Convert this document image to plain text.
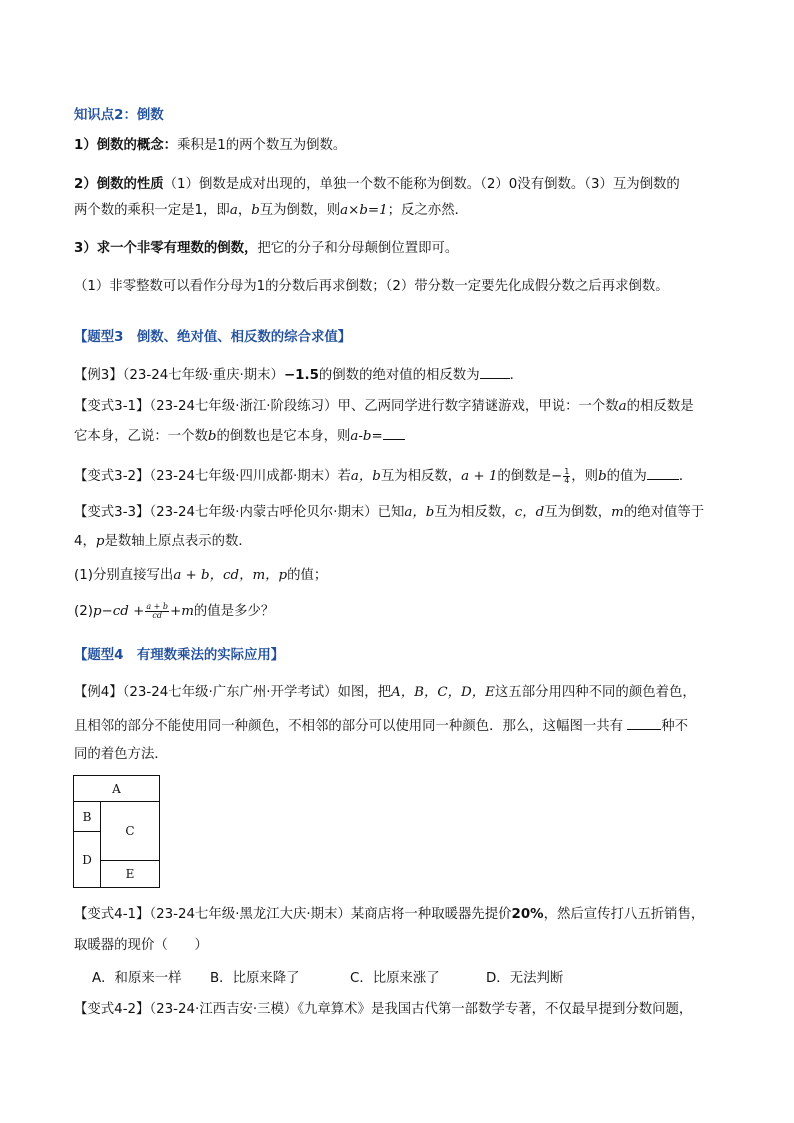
知识点2：倒数
1）倒数的概念：乘积是1的两个数互为倒数。
2）倒数的性质（1）倒数是成对出现的，单独一个数不能称为倒数。（2）0没有倒数。（3）互为倒数的
两个数的乘积一定是1，即a，b互为倒数，则a×b=1；反之亦然．
3）求一个非零有理数的倒数，把它的分子和分母颠倒位置即可。
（1）非零整数可以看作分母为1的分数后再求倒数；（2）带分数一定要先化成假分数之后再求倒数。
【题型3　倒数、绝对值、相反数的综合求值】
【例3】（23-24七年级·重庆·期末）−1.5的倒数的绝对值的相反数为 ．
【变式3-1】（23-24七年级·浙江·阶段练习）甲、乙两同学进行数字猜谜游戏，甲说：一个数a的相反数是
它本身，乙说：一个数b的倒数也是它本身，则a-b=
【变式3-2】（23-24七年级·四川成都·期末）若a，b互为相反数，a + 1的倒数是− $\frac{1}{4}$ ，则b的值为 ．
【变式3-3】（23-24七年级·内蒙古呼伦贝尔·期末）已知a，b互为相反数，c，d互为倒数，m的绝对值等于
4，p是数轴上原点表示的数．
(1)分别直接写出a + b，cd，m，p的值；
$(2)p-cd + \frac{a + b}{cd} +m$的值是多少？
【题型4　有理数乘法的实际应用】
【例4】（23-24七年级·广东广州·开学考试）如图，把A，B，C，D，E这五部分用四种不同的颜色着色，
且相邻的部分不能使用同一种颜色，不相邻的部分可以使用同一种颜色．那么，这幅图一共有	种不
同的着色方法．
A
B
D
C
E
【变式4-1】（23-24七年级·黑龙江大庆·期末）某商店将一种取暖器先提价20%，然后宣传打八五折销售，
取暖器的现价（　　）
A．和原来一样 B．比原来降了	C．比原来涨了	D．无法判断
【变式4-2】（23-24·江西吉安·三模）《九章算术》是我国古代第一部数学专著，不仅最早提到分数问题，
